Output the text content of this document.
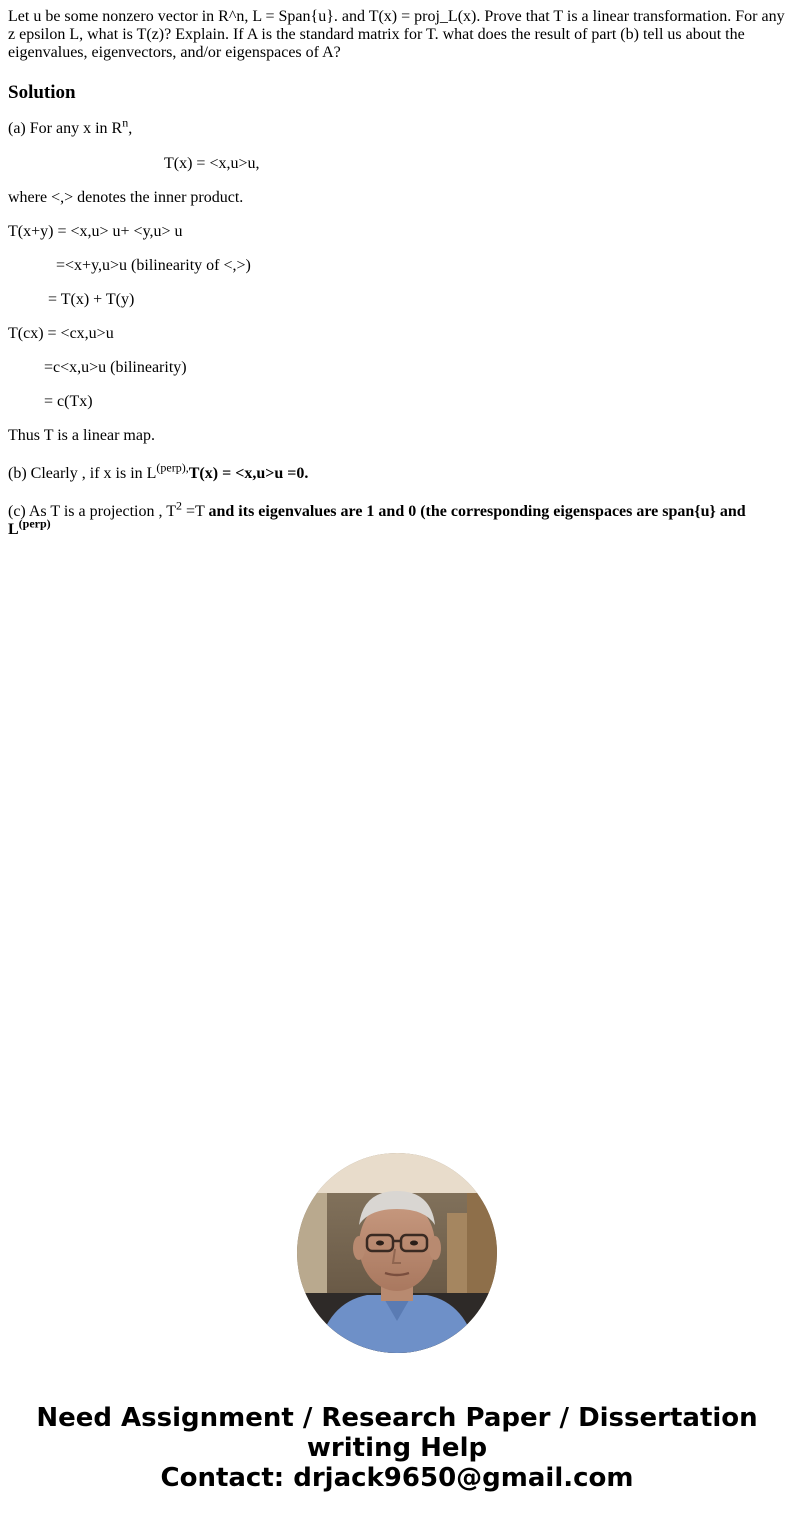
Let u be some nonzero vector in R^n, L = Span{u}. and T(x) = proj_L(x). Prove that T is a linear transformation. For any z epsilon L, what is T(z)? Explain. If A is the standard matrix for T. what does the result of part (b) tell us about the eigenvalues, eigenvectors, and/or eigenspaces of A?

Solution

(a) For any x in $R^n$,

T(x) = <x,u>u,

where <,> denotes the inner product.

T(x+y) = <x,u> u+ <y,u> u

=<x+y,u>u (bilinearity of <,>)

= T(x) + T(y)

T(cx) = <cx,u>u

=c<x,u>u (bilinearity)

= c(Tx)

Thus T is a linear map.

(b) Clearly , if x is in $L^{(perp),}T(x) = <x,u>u =0$.

(c) As T is a projection , $T^2 =T$ and its eigenvalues are 1 and 0 (the corresponding eigenspaces are span{u} and $L^{(perp)}$

Need Assignment / Research Paper / Dissertation
writing Help
Contact: drjack9650@gmail.com
